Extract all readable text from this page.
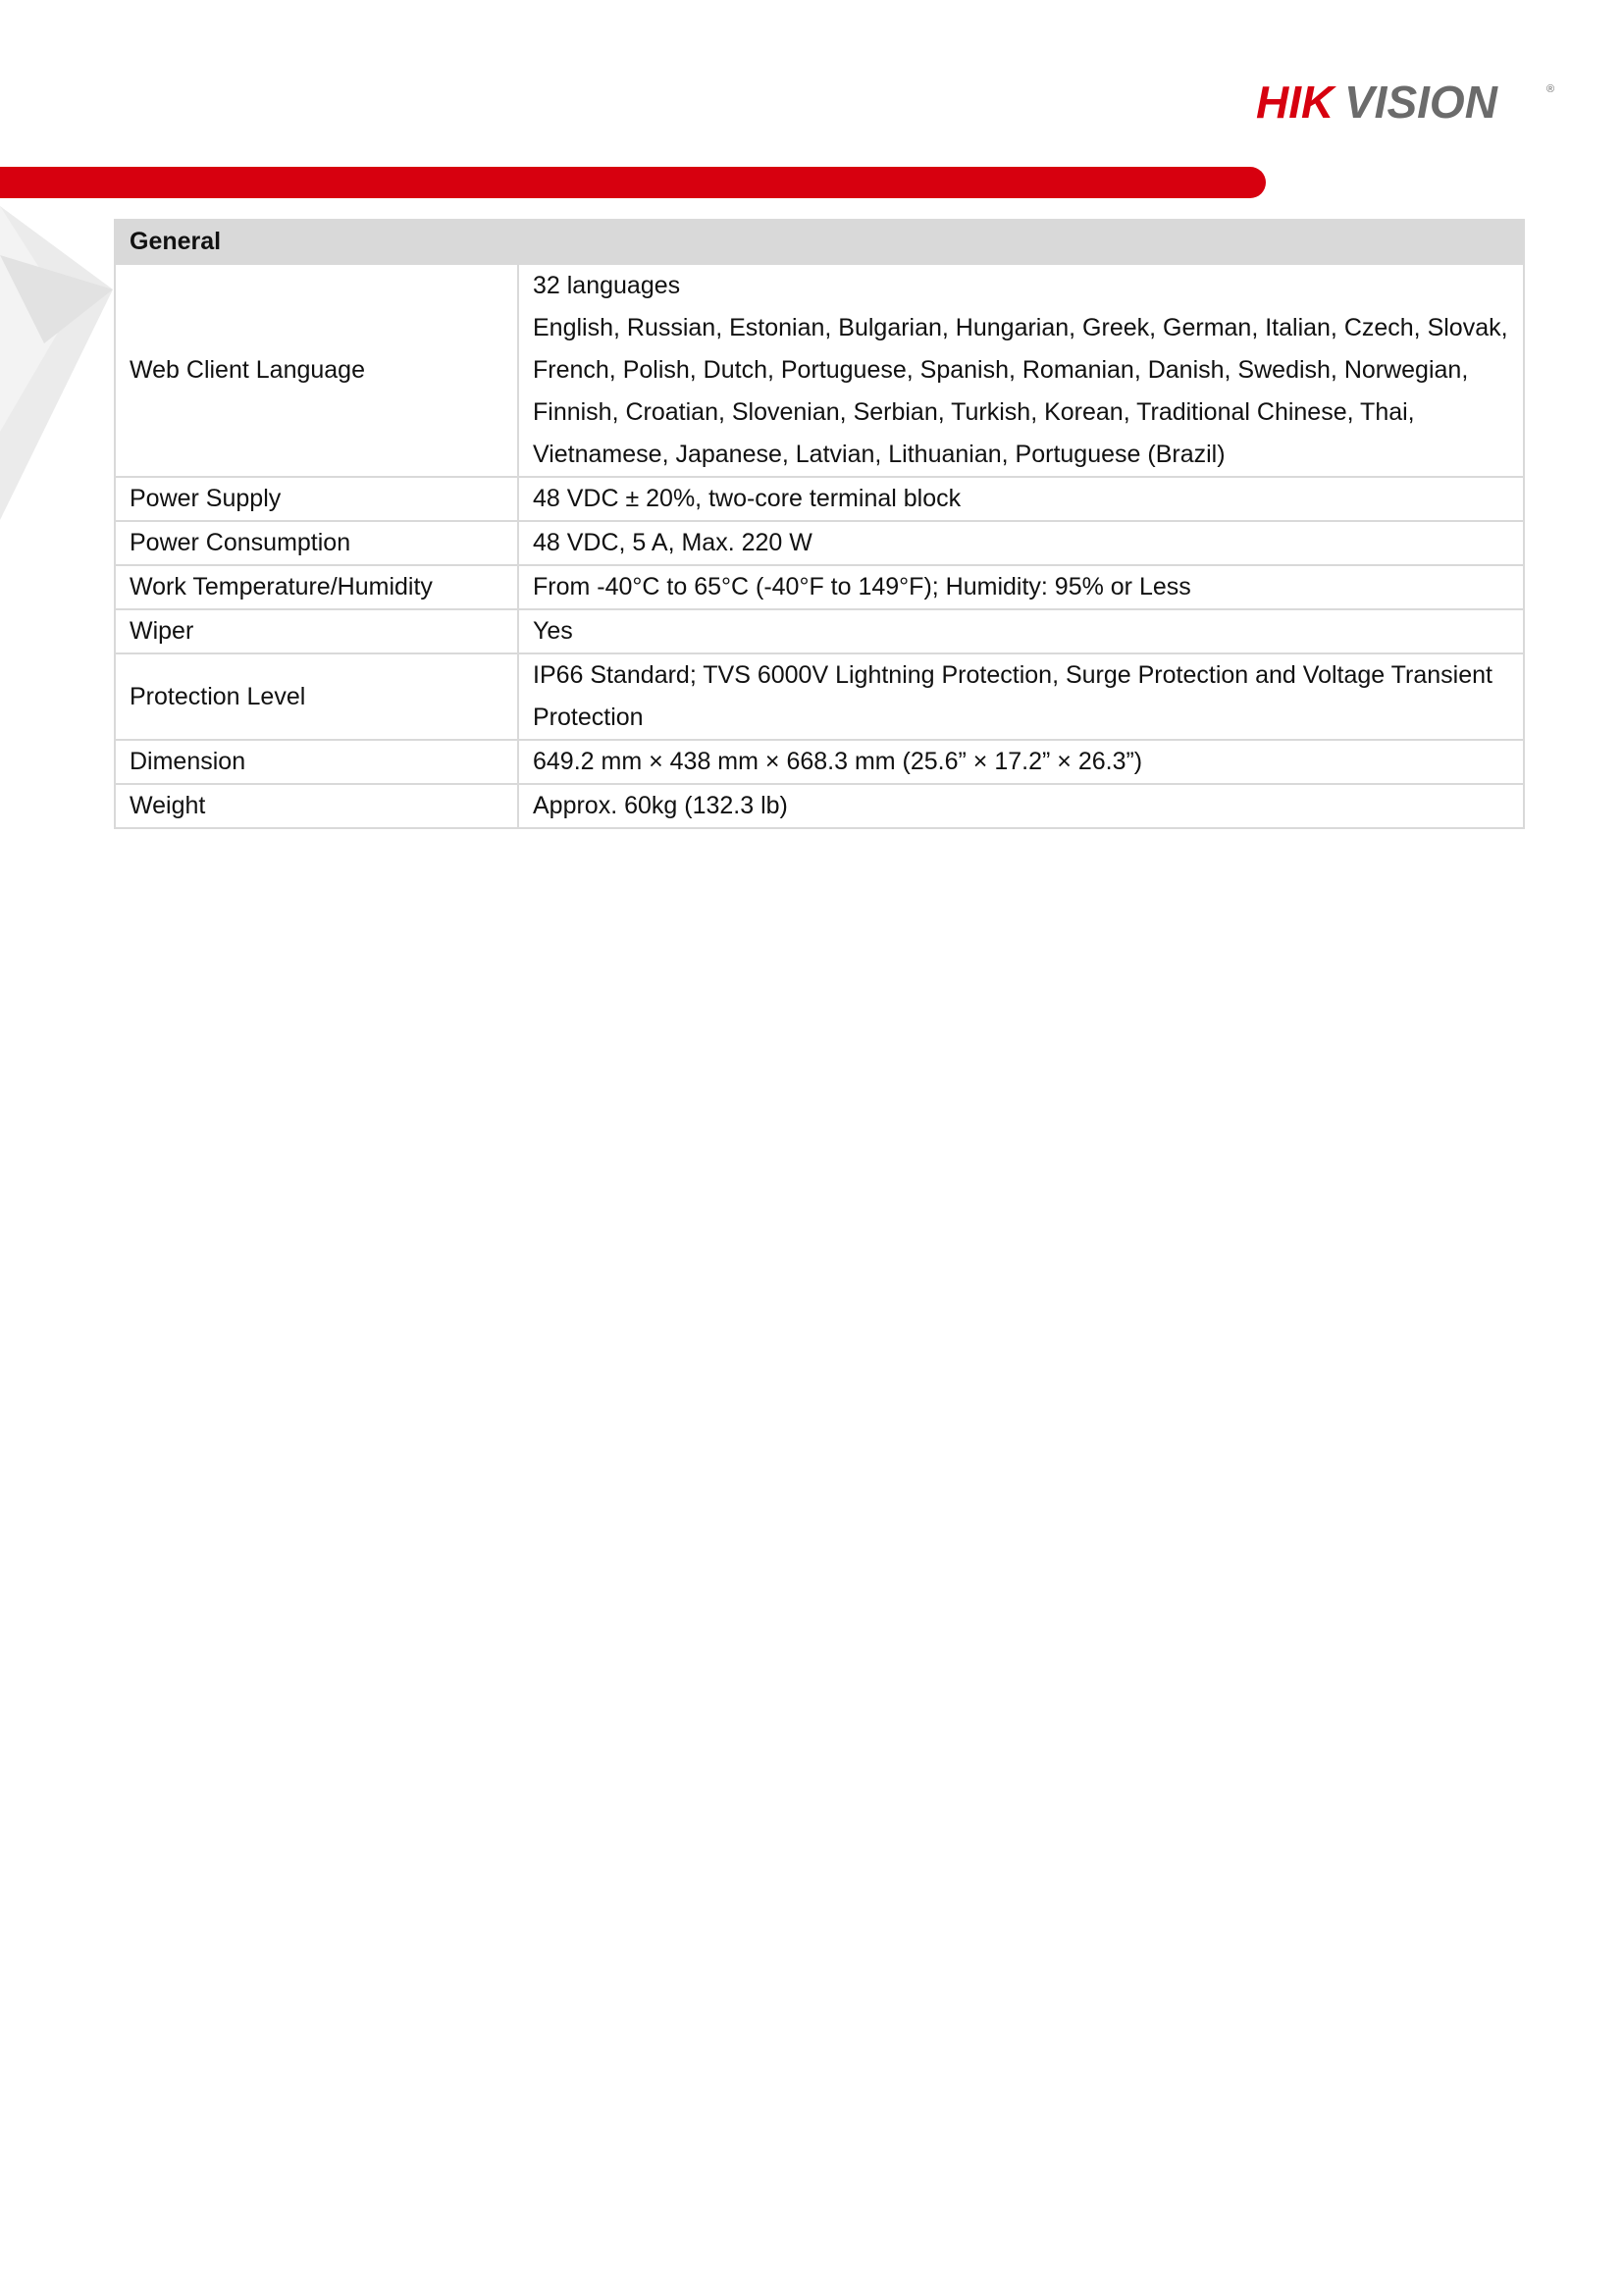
HIK VISION	®
General	
Web Client Language	32 languages
English, Russian, Estonian, Bulgarian, Hungarian, Greek, German, Italian, Czech, Slovak,
French, Polish, Dutch, Portuguese, Spanish, Romanian, Danish, Swedish, Norwegian,
Finnish, Croatian, Slovenian, Serbian, Turkish, Korean, Traditional Chinese, Thai,
Vietnamese, Japanese, Latvian, Lithuanian, Portuguese (Brazil)

Power Supply	48 VDC ± 20%, two-core terminal block

Power Consumption	48 VDC, 5 A, Max. 220 W

Work Temperature/Humidity	From -40°C to 65°C (-40°F to 149°F); Humidity: 95% or Less

Wiper	Yes

Protection Level	IP66 Standard; TVS 6000V Lightning Protection, Surge Protection and Voltage Transient
Protection

Dimension	649.2 mm × 438 mm × 668.3 mm (25.6” × 17.2” × 26.3”)

Weight	Approx. 60kg (132.3 lb)
